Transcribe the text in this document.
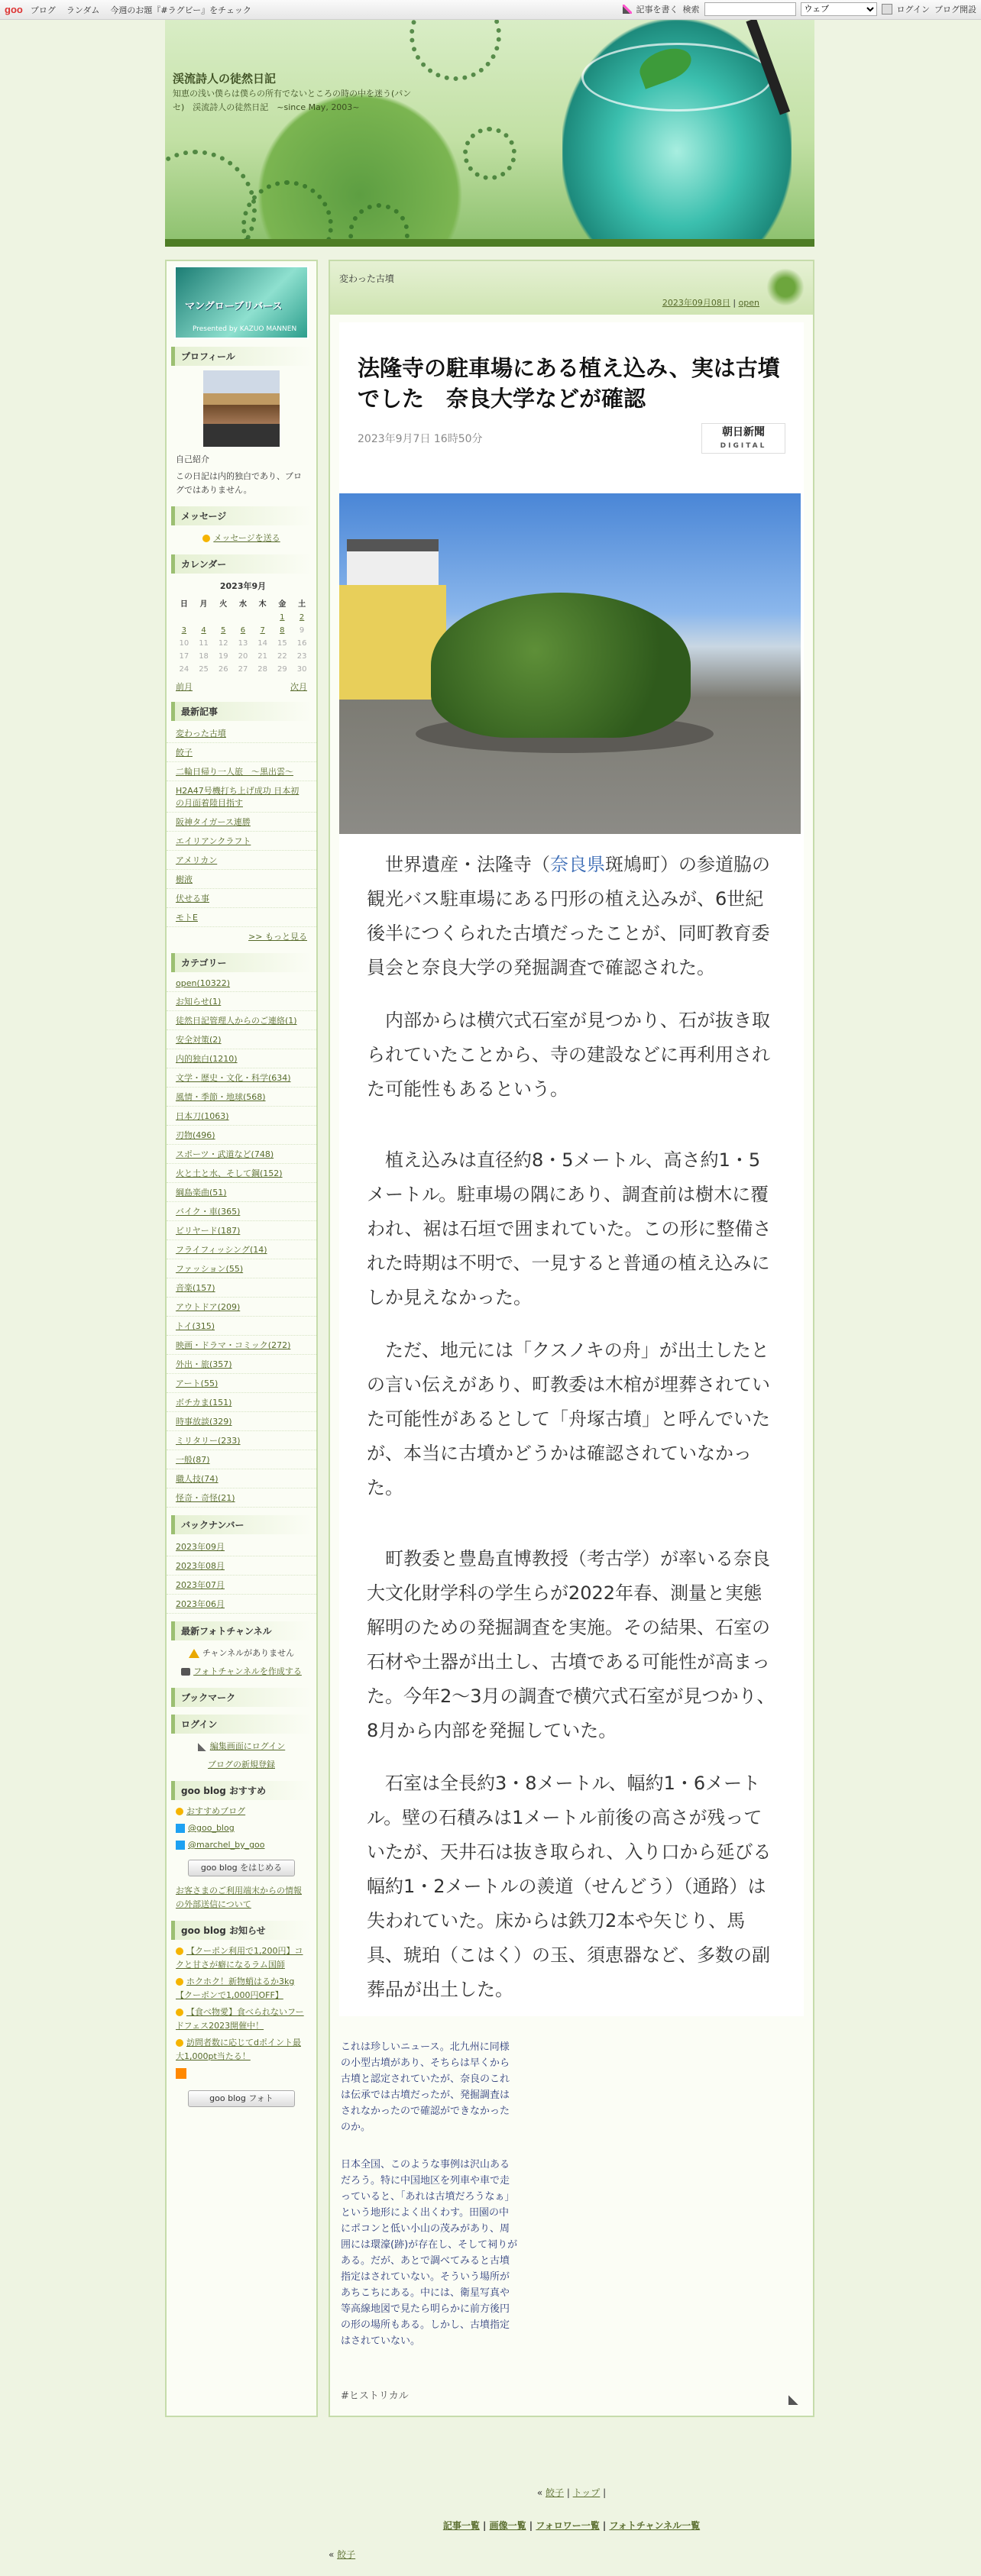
goo ブログ ランダム 今週のお題『#ラグビー』をチェック	記事を書く 検索
ウェブ	ログイン ブログ開設
渓流詩人の徒然日記
知恵の浅い僕らは僕らの所有でないところの時の中を迷う(パンセ)　渓流詩人の徒然日記　~since May, 2003~
マングローブリバース
Presented by KAZUO MANNEN
プロフィール
自己紹介
この日記は内的独白であり、ブログではありません。
メッセージ
メッセージを送る
カレンダー
2023年9月
日	月	火	水	木	金	土
					1	2
3	4	5	6	7	8	9
10	11	12	13	14	15	16
17	18	19	20	21	22	23
24	25	26	27	28	29	30
前月	次月
最新記事
変わった古墳
餃子
二輪日帰り一人旅　～黒出雲～
H2A47号機打ち上げ成功 日本初の月面着陸目指す
阪神タイガース連勝
エイリアンクラフト
アメリカン
樹液
伏せる事
モトE
>> もっと見る
カテゴリー
open(10322)
お知らせ(1)
徒然日記管理人からのご連絡(1)
安全対策(2)
内的独白(1210)
文学・歴史・文化・科学(634)
風情・季節・地球(568)
日本刀(1063)
刃物(496)
スポーツ・武道など(748)
火と土と水、そして鋼(152)
綱島楽曲(51)
バイク・車(365)
ビリヤード(187)
フライフィッシング(14)
ファッション(55)
音楽(157)
アウトドア(209)
トイ(315)
映画・ドラマ・コミック(272)
外出・旅(357)
アート(55)
ボチカま(151)
時事放談(329)
ミリタリー(233)
一般(87)
職人技(74)
怪奇・奇怪(21)
バックナンバー
2023年09月
2023年08月
2023年07月
2023年06月
最新フォトチャンネル
チャンネルがありません
フォトチャンネルを作成する
ブックマーク
ログイン
編集画面にログイン
ブログの新規登録
goo blog おすすめ
おすすめブログ
@goo_blog
@marchel_by_goo
goo blog をはじめる
お客さまのご利用端末からの情報の外部送信について
goo blog お知らせ
【クーポン利用で1,200円】コクと甘さが癖になるラム国師
ホクホク！新物蛸はるか3kg【クーポンで1,000円OFF】
【食べ物愛】食べられないフードフェス2023開催中！
訪問者数に応じてdポイント最大1,000pt当たる！
goo blog フォト
変わった古墳
2023年09月08日 | open
法隆寺の駐車場にある植え込み、実は古墳でした　奈良大学などが確認
2023年9月7日 16時50分
朝日新聞
DIGITAL

世界遺産・法隆寺（奈良県斑鳩町）の参道脇の観光バス駐車場にある円形の植え込みが、6世紀後半につくられた古墳だったことが、同町教育委員会と奈良大学の発掘調査で確認された。

内部からは横穴式石室が見つかり、石が抜き取られていたことから、寺の建設などに再利用された可能性もあるという。

植え込みは直径約8・5メートル、高さ約1・5メートル。駐車場の隅にあり、調査前は樹木に覆われ、裾は石垣で囲まれていた。この形に整備された時期は不明で、一見すると普通の植え込みにしか見えなかった。

ただ、地元には「クスノキの舟」が出土したとの言い伝えがあり、町教委は木棺が埋葬されていた可能性があるとして「舟塚古墳」と呼んでいたが、本当に古墳かどうかは確認されていなかった。

町教委と豊島直博教授（考古学）が率いる奈良大文化財学科の学生らが2022年春、測量と実態解明のための発掘調査を実施。その結果、石室の石材や土器が出土し、古墳である可能性が高まった。今年2～3月の調査で横穴式石室が見つかり、8月から内部を発掘していた。

石室は全長約3・8メートル、幅約1・6メートル。壁の石積みは1メートル前後の高さが残っていたが、天井石は抜き取られ、入り口から延びる幅約1・2メートルの羨道（せんどう）（通路）は失われていた。床からは鉄刀2本や矢じり、馬具、琥珀（こはく）の玉、須恵器など、多数の副葬品が出土した。

これは珍しいニュース。北九州に同様の小型古墳があり、そちらは早くから古墳と認定されていたが、奈良のこれは伝承では古墳だったが、発掘調査はされなかったので確認ができなかったのか。

日本全国、このような事例は沢山あるだろう。特に中国地区を列車や車で走っていると、「あれは古墳だろうなぁ」という地形によく出くわす。田園の中にポコンと低い小山の茂みがあり、周囲には環濠(跡)が存在し、そして祠りがある。だが、あとで調べてみると古墳指定はされていない。そういう場所があちこちにある。中には、衛星写真や等高線地図で見たら明らかに前方後円の形の場所もある。しかし、古墳指定はされていない。

#ヒストリカル
« 餃子 | トップ |
記事一覧 | 画像一覧 | フォロワー一覧 | フォトチャンネル一覧
« 餃子
